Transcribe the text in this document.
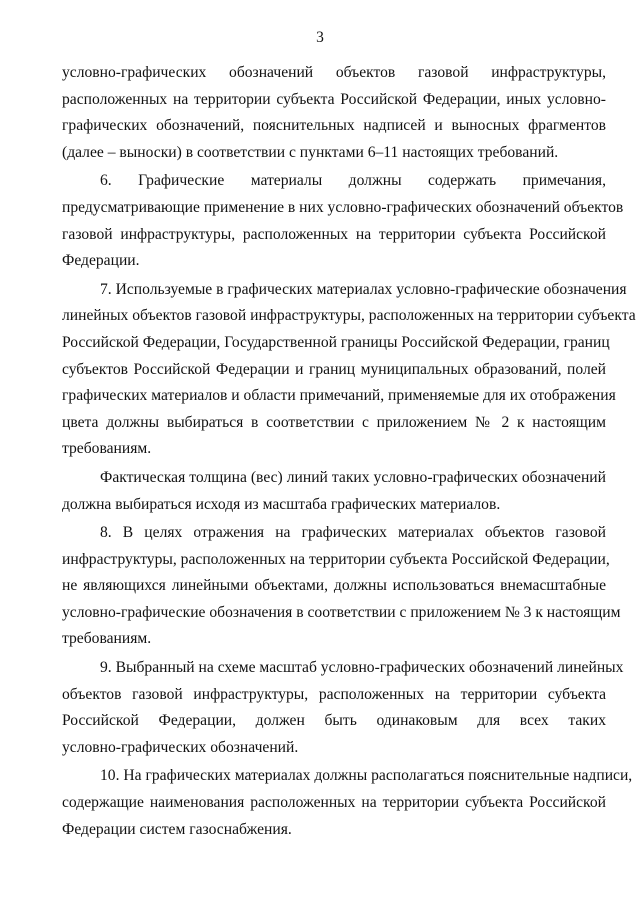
3

условно-графических обозначений объектов газовой инфраструктуры,
расположенных на территории субъекта Российской Федерации, иных условно-
графических обозначений, пояснительных надписей и выносных фрагментов
(далее – выноски) в соответствии с пунктами 6–11 настоящих требований.

6. Графические материалы должны содержать примечания,
предусматривающие применение в них условно-графических обозначений объектов
газовой инфраструктуры, расположенных на территории субъекта Российской
Федерации.

7. Используемые в графических материалах условно-графические обозначения
линейных объектов газовой инфраструктуры, расположенных на территории субъекта
Российской Федерации, Государственной границы Российской Федерации, границ
субъектов Российской Федерации и границ муниципальных образований, полей
графических материалов и области примечаний, применяемые для их отображения
цвета должны выбираться в соответствии с приложением № 2 к настоящим
требованиям.

Фактическая толщина (вес) линий таких условно-графических обозначений
должна выбираться исходя из масштаба графических материалов.

8. В целях отражения на графических материалах объектов газовой
инфраструктуры, расположенных на территории субъекта Российской Федерации,
не являющихся линейными объектами, должны использоваться внемасштабные
условно-графические обозначения в соответствии с приложением № 3 к настоящим
требованиям.

9. Выбранный на схеме масштаб условно-графических обозначений линейных
объектов газовой инфраструктуры, расположенных на территории субъекта
Российской Федерации, должен быть одинаковым для всех таких
условно-графических обозначений.

10. На графических материалах должны располагаться пояснительные надписи,
содержащие наименования расположенных на территории субъекта Российской
Федерации систем газоснабжения.
